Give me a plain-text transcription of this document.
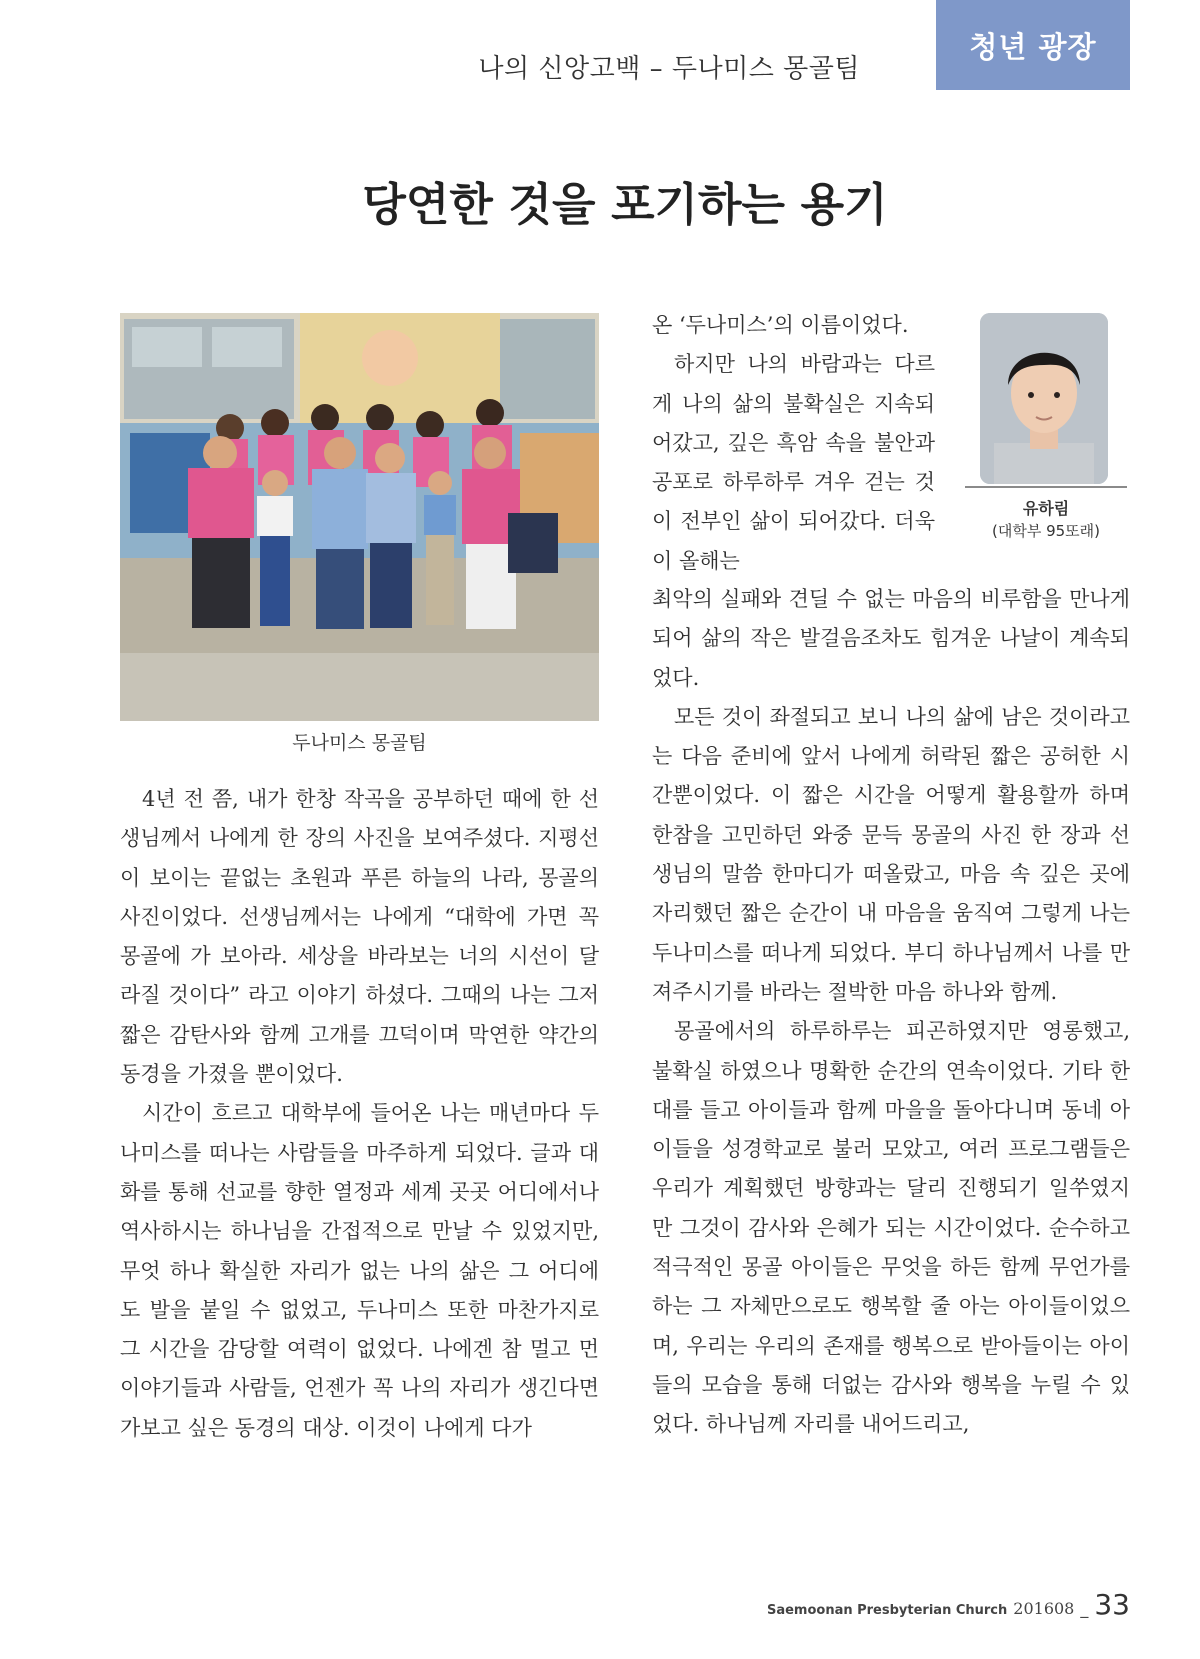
나의 신앙고백 – 두나미스 몽골팀
청년 광장
당연한 것을 포기하는 용기
두나미스 몽골팀

4년 전 쯤, 내가 한창 작곡을 공부하던 때에 한 선생님께서 나에게 한 장의 사진을 보여주셨다. 지평선이 보이는 끝없는 초원과 푸른 하늘의 나라, 몽골의 사진이었다. 선생님께서는 나에게 “대학에 가면 꼭 몽골에 가 보아라. 세상을 바라보는 너의 시선이 달라질 것이다” 라고 이야기 하셨다. 그때의 나는 그저 짧은 감탄사와 함께 고개를 끄덕이며 막연한 약간의 동경을 가졌을 뿐이었다.

시간이 흐르고 대학부에 들어온 나는 매년마다 두나미스를 떠나는 사람들을 마주하게 되었다. 글과 대화를 통해 선교를 향한 열정과 세계 곳곳 어디에서나 역사하시는 하나님을 간접적으로 만날 수 있었지만, 무엇 하나 확실한 자리가 없는 나의 삶은 그 어디에도 발을 붙일 수 없었고, 두나미스 또한 마찬가지로 그 시간을 감당할 여력이 없었다. 나에겐 참 멀고 먼 이야기들과 사람들, 언젠가 꼭 나의 자리가 생긴다면 가보고 싶은 동경의 대상. 이것이 나에게 다가

온 ‘두나미스’의 이름이었다.

하지만 나의 바람과는 다르게 나의 삶의 불확실은 지속되어갔고, 깊은 흑암 속을 불안과 공포로 하루하루 겨우 걷는 것이 전부인 삶이 되어갔다. 더욱이 올해는

유하림
(대학부 95또래)

최악의 실패와 견딜 수 없는 마음의 비루함을 만나게 되어 삶의 작은 발걸음조차도 힘겨운 나날이 계속되었다.

모든 것이 좌절되고 보니 나의 삶에 남은 것이라고는 다음 준비에 앞서 나에게 허락된 짧은 공허한 시간뿐이었다. 이 짧은 시간을 어떻게 활용할까 하며 한참을 고민하던 와중 문득 몽골의 사진 한 장과 선생님의 말씀 한마디가 떠올랐고, 마음 속 깊은 곳에 자리했던 짧은 순간이 내 마음을 움직여 그렇게 나는 두나미스를 떠나게 되었다. 부디 하나님께서 나를 만져주시기를 바라는 절박한 마음 하나와 함께.

몽골에서의 하루하루는 피곤하였지만 영롱했고, 불확실 하였으나 명확한 순간의 연속이었다. 기타 한 대를 들고 아이들과 함께 마을을 돌아다니며 동네 아이들을 성경학교로 불러 모았고, 여러 프로그램들은 우리가 계획했던 방향과는 달리 진행되기 일쑤였지만 그것이 감사와 은혜가 되는 시간이었다. 순수하고 적극적인 몽골 아이들은 무엇을 하든 함께 무언가를 하는 그 자체만으로도 행복할 줄 아는 아이들이었으며, 우리는 우리의 존재를 행복으로 받아들이는 아이들의 모습을 통해 더없는 감사와 행복을 누릴 수 있었다. 하나님께 자리를 내어드리고,

Saemoonan Presbyterian Church 201608 _ 33
